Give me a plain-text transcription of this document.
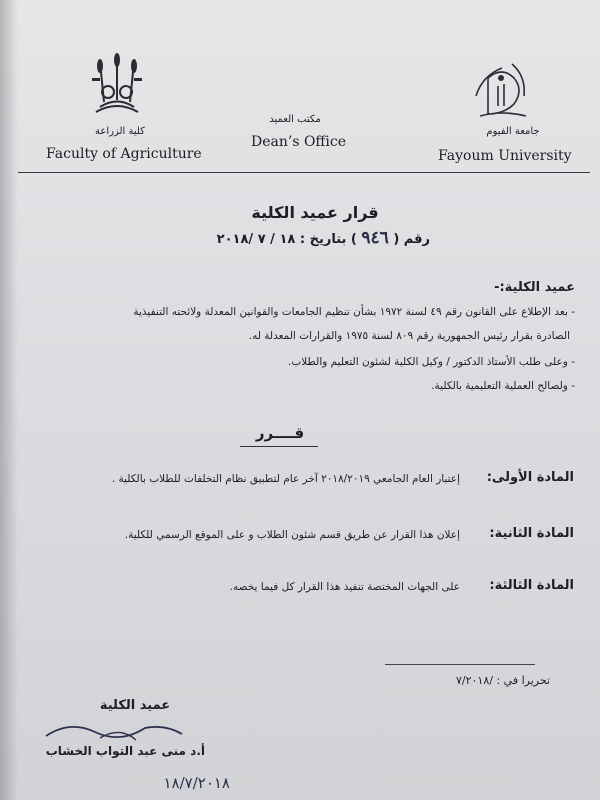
كلية الزراعة
Faculty of Agriculture
مكتب العميد
Dean’s Office
جامعة الفيوم
Fayoum University
قرار عميد الكلية
رقم ( ٩٤٦ ) بتاريخ : ١٨ / ٧ /٢٠١٨
عميد الكلية:-
- بعد الإطلاع على القانون رقم ٤٩ لسنة ١٩٧٢ بشأن تنظيم الجامعات والقوانين المعدلة ولائحته التنفيذية
الصادرة بقرار رئيس الجمهورية رقم ٨٠٩ لسنة ١٩٧٥ والقرارات المعدلة له.
- وعلى طلب الأستاذ الدكتور / وكيل الكلية لشئون التعليم والطلاب.
- ولصالح العملية التعليمية بالكلية.
قــــرر
المادة الأولى:
إعتبار العام الجامعي ٢٠١٨/٢٠١٩ آخر عام لتطبيق نظام التخلفات للطلاب بالكلية .
المادة الثانية:
إعلان هذا القرار عن طريق قسم شئون الطلاب و على الموقع الرسمي للكلية.
المادة الثالثة:
على الجهات المختصة تنفيذ هذا القرار كل فيما يخصه.
تحريرا في : /٧/٢٠١٨
عميد الكلية
أ.د منى عبد التواب الخشاب
١٨/٧/٢٠١٨
